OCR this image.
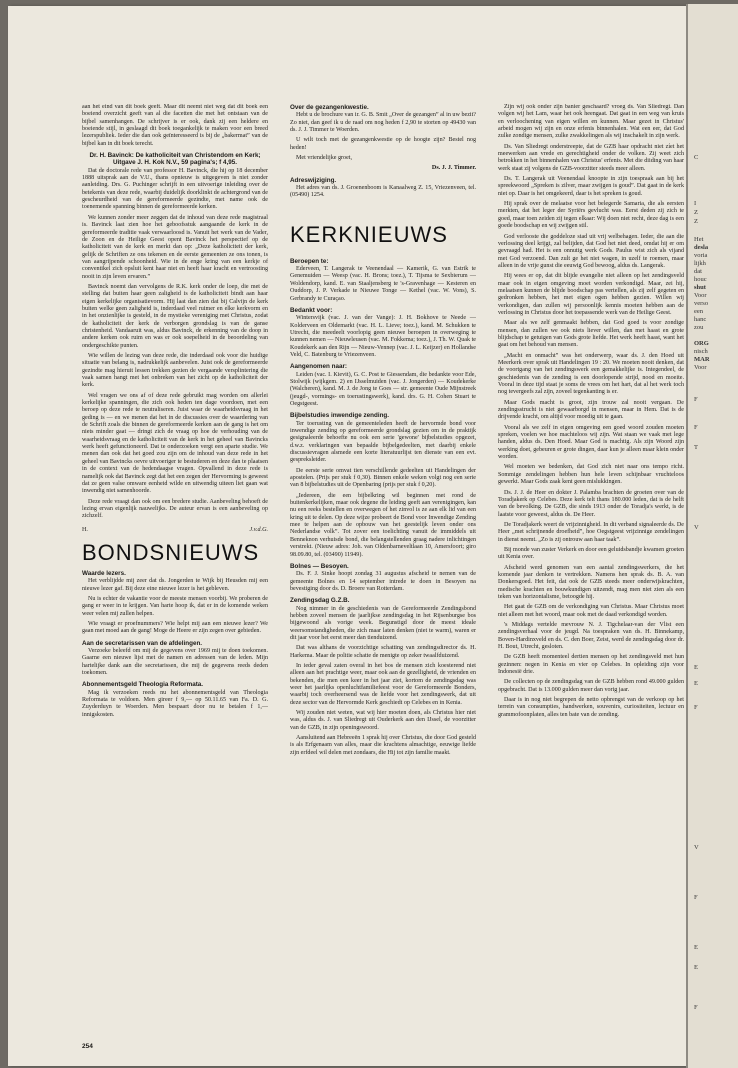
aan het eind van dit boek geeft. Maar dit neemt niet weg dat dit boek een boeiend overzicht geeft van al die facetten die met het ontstaan van de bijbel samenhangen. De schrijver is er ook, dank zij een heldere en boeiende stijl, in geslaagd dit boek toegankelijk te maken voor een breed lezerspubliek. Ieder die dan ook geïnteresseerd is bij de „bakermat” van de bijbel kan in dit boek terecht.

Dr. H. Bavinck: De katholiciteit van Christendom en Kerk; Uitgave J. H. Kok N.V., 59 pagina's; f 4,95.

Dat de doctorale rede van professor H. Bavinck, die hij op 18 december 1888 uitsprak aan de V.U., thans opnieuw is uitgegeven is niet zonder aanleiding. Drs. G. Puchinger schrijft in een uitvoerige inleiding over de betekenis van deze rede, waarbij duidelijk doorklinkt de achtergrond van de gescheurdheid van de gereformeerde gezindte, met name ook de toenemende spanning binnen de gereformeerde kerken.

We kunnen zonder meer zeggen dat de inhoud van deze rede magistraal is. Bavinck laat zien hoe het geboofsstuk aangaande de kerk in de gereformeerde traditie vaak verwaarloosd is. Vanuit het werk van de Vader, de Zoon en de Heilige Geest opent Bavinck het perspectief op de katholiciteit van de kerk en merkt dan op: „Deze katholiciteit der kerk, gelijk de Schriften ze ons tekenen en de eerste gemeenten ze ons tonen, is van aangrijpende schoonheid. Wie in de enge kring van een kerkje of conventikel zich opsluit kent haar niet en heeft haar kracht en vertroosting nooit in zijn leven ervaren.”

Bavinck noemt dan vervolgens de R.K. kerk onder de loep, die met de stelling dat buiten haar geen zaligheid is de katholiciteit bindt aan haar eigen kerkelijke organisatievorm. Hij laat dan zien dat bij Calvijn de kerk buiten welke geen zaligheid is, inderdaad veel ruimer en elke kerkvorm en in het onzienlijke is gesteld, in de mystieke vereniging met Christus, zodat de katholiciteit der kerk de verborgen grondslag is van de ganse christenheid. Vandaaruit was, aldus Bavinck, de erkenning van de doop in andere kerken ook ruim en was er ook soepelheid in de beoordeling van ondergeschikte punten.

Wie willen de lezing van deze rede, die inderdaad ook voor die huidige situatie van belang is, nadrukkelijk aanbevelen. Juist ook de gereformeerde gezindte mag hieruit lessen trekken gezien de vergaande versplintering die vaak samen hangt met het onbreken van het zicht op de katholiciteit der kerk.

Wel vragen we ons af of deze rede gebruikt mag worden om allerlei kerkelijke spanningen, die zich ook heden ten dage voordoen, met een beroep op deze rede te neutraliseren. Juist waar de waarheidsvraag in het geding is — en we menen dat het in de discussies over de waardering van de Schrift zoals die binnen de gereformeerde kerken aan de gang is het om niets minder gaat — dringt zich de vraag op hoe de verhouding van de waarheidsvraag en de katholiciteit van de kerk in het geheel van Bavincks werk heeft gefunctioneerd. Dat te onderzoeken vergt een aparte studie. We menen dan ook dat het goed zou zijn om de inhoud van deze rede in het geheel van Bavincks oevre uitvoeriger te bestuderen en deze dan te plaatsen in de context van de hedendaagse vragen. Opvallend in deze rede is namelijk ook dat Bavinck zegt dat het een zegen der Hervorming is geweest dat ze geen valse omware eenheid wilde en uitwendig uiteen liet gaan wat inwendig niet samenhoorde.

Deze rede vraagt dan ook om een bredere studie. Aanbeveling behoeft de lezing ervan eigenlijk nauwelijks. De auteur ervan is een aanbeveling op zichzelf.

H.	J.v.d.G.
BONDSNIEUWS
Waarde lezers.

Het verblijdde mij zeer dat ds. Jongerden te Wijk bij Heusden mij een nieuwe lezer gaf. Bij deze eine nieuwe lezer is het gebleven.

Nu is echter de vakantie voor de meeste mensen voorbij. We proberen de gang er weer in te krijgen. Van harte hoop ik, dat er in de komende weken weer velen mij zullen helpen.

Wie vraagt er proefnummers? Wie helpt mij aan een nieuwe lezer? We gaan met moed aan de gang! Moge de Heere er zijn zegen over gebieden.

Aan de secretarissen van de afdelingen.

Verzoeke beleefd om mij de gegevens over 1969 mij te doen toekomen. Gaarne een nieuwe lijst met de namen en adressen van de leden. Mijn hartelijke dank aan die secretarissen, die mij de gegevens reeds deden toekomen.

Abonnementsgeld Theologia Reformata.

Mag ik verzoeken reeds nu het abonnementsgeld van Theologia Reformata te voldoen. Men gireer f 9,— op 50.11.65 van Fa. D. G. Zuyderduyn te Woerden. Men bespaart door nu te betalen f 1,— innigskosten.

254
Over de gezangenkwestie.

Hebt u de brochure van ir. G. B. Smit „Over de gezangen” al in uw bezit? Zo niet, dan geef ik u de raad om nog heden f 2,90 te storten op 49430 van ds. J. J. Timmer te Woerden.

U wilt toch met de gezangenkwestie op de hoogte zijn? Bestel nog heden!

Met vriendelijke groet,

Ds. J. J. Timmer.

Adreswijziging.

Het adres van ds. J. Groenenboom is Kanaalweg Z. 15, Vriezenveen, tel. (05490) 1254.

KERKNIEUWS
Beroepen te:

Ederveen, T. Langerak te Veenendaal — Kamerik, G. van Estrik te Genemuiden — Weesp (vac. H. Brons; toez.), T. Tijsma te Sexbierum — Woldendorp, kand. E. van Staaljensberg te 's-Gravenhage — Kesteren en Ouddorp, J. P. Verkade te Nieuwe Tonge — Kethel (vac. W. Vons), S. Gerbrandy te Curaçao.

Bedankt voor:

Wintersvijk (vac. J. van der Vange): J. H. Bokhove te Neede — Kolderveen en Oldemarkt (vac. H. L. Lieve; toez.), kand. M. Schukken te Utrecht, die meedeelt voorlopig geen nieuwe beroepen in overweging te kunnen nemen — Nieuwleusen (vac. M. Fokkema; toez.), J. Th. W. Quak te Koudekerk aan den Rijn — Nieuw-Vennep (vac. J. L. Keijzer) en Hollandse Veld, C. Batenburg te Vriezenveen.

Aangenomen naar:

Leiden (vac. I. Kievit), G. C. Post te Giessendam, die bedankte voor Ede, Stolwijk (wijkgem. 2) en IJsselmuiden (vac. J. Jongerden) — Koudekerke (Walcheren), kand. M. J. de Jong te Goes — str. gemeente Oude Mijnstreek (jeugd-, vormings- en toerustingswerk), kand. drs. G. H. Cohen Stuart te Oegstgeest.

Bijbelstudies inwendige zending.

Ter toerusting van de gemeenteleden heeft de hervormde bond voor inwendige zending op gereformeerde grondslag gezien om in de praktijk gesignaleerde behoefte nu ook een serie 'gewone' bijbelstudies opgezet, d.w.z. verklaringen van bepaalde bijbelgedeelten, met daarbij enkele discussievragen alsmede een korte literatuurlijst ten dienste van een evt. gespreksleider.

De eerste serie omvat tien verschillende gedeelten uit Handelingen der apostelen. (Prijs per stuk f 0,30). Binnen enkele weken volgt nog een serie van 8 bijbelstudies uit de Openbaring (prijs per stuk f 0,20).

„Iedereen, die een bijbelkring wil beginnen met rond de buitenkerkelijken, maar ook degene die leiding geeft aan verenigingen, kan nu een reeks bestellen en overwegen of het zinvol is ze aan elk lid van een kring uit te delen. Op deze wijze probeert de Bond voor Inwendige Zending mee te helpen aan de opbouw van het geestelijk leven onder ons Nederlandse volk”. Tot zover een toelichting vanuit de immiddels uit Benneknon verhuisde bond, die belangstellenden graag nadere inlichtingen verstrekt. (Nieuw adres: Joh. van Oldenbarneveltlaan 10, Amersfoort; giro 98.09.80, tel. (03490) 11949).

Bolnes — Besoyen.

Ds. F. J. Sinke hoopt zondag 31 augustus afscheid te nemen van de gemeente Bolnes en 14 september intrede te doen in Besoyen na bevestiging door ds. D. Broere van Rotterdam.

Zendingsdag G.Z.B.

Nog nimmer in de geschiedenis van de Gereformeerde Zendingsbond hebben zoveel mensen de jaarlijkse zendingsdag in het Rijsenburgse bos bijgewoond als vorige week. Begunstigd door de meest ideale weersomstandigheden, die zich maar laten denken (niet te warm), waren er dit jaar voor het eerst meer dan tienduizend.

Dat was althans de voorzichtige schatting van zendingsdirector ds. H. Harkema. Maar de politie schatte de menigte op zeker twaalfduizend.

In ieder geval zaten overal in het bos de mensen zich koesterend niet alleen aan het prachtige weer, maar ook aan de gezelligheid, de vrienden en bekenden, die men een keer in het jaar ziet, kortom de zendingsdag was weer het jaarlijks openluchtfamiliefeest voor de Gereformeerde Bonders, waarbij toch overheersend was de liefde voor het zendingswerk, dat uit deze sector van de Hervormde Kerk geschiedt op Celebes en in Kenia.

Wij zouden niet weten, wat wij hier moeten doen, als Christus hier niet was, aldus ds. J. van Sliedregt uit Ouderkerk aan den IJssel, de voorzitter van de GZB, in zijn openingswoord.

Aansluitend aan Hebreeën 1 sprak hij over Christus, die door God gesteld is als Erfgenaam van alles, maar die krachtens almachtige, eeuwige liefde zijn erfdeel wil delen met zondaars, die Hij tot zijn familie maakt.

Zijn wij ook onder zijn banier geschaard? vroeg ds. Van Sliedregt. Dan volgen wij het Lam, waar het ook heengaat. Dat gaat in een weg van kruis en verloochening van eigen willen en kunnen. Maar gezet in Christus' arbeid mogen wij zijn en onze erfenis binnenhalen. Wat een eer, dat God zulke zondige mensen, zulke zwakkelingen als wij inschakelt in zijn werk.

Ds. Van Sliedregt onderstreepte, dat de GZB haar opdracht niet zíet het meewerken aan vrede en gerechtigheid onder de volken. Zij weet zich betrokken in het binnenhalen van Christus' erfenis. Met die diiding van haar werk staat zij volgens de GZB-voorzitter steeds meer alleen.

Ds. T. Langerak uit Veenendaal knoopte in zijn toespraak aan bij het spreekwoord „Spreken is zilver, maar zwijgen is goud”. Dat gaat in de kerk niet op. Daar is het omgekeerd, daar is het spreken is goud.

Hij sprak over de melaatse voor het belegerde Samaria, die als eersten merkten, dat het leger der Syriërs gevlucht was. Eerst deden zij zich te goed, maar toen zeiden zij tegen elkaar: Wij doen niet recht, deze dag is een goede boodschap en wij zwijgen stil.

God verlooste die goddeloze stad uit vrij welbehagen. Ieder, die aan die verlossing deel krijgt, zal belijden, dat God het niet deed, omdat hij er om gevraagd had. Het is een onnutig werk Gods. Paulus wist zich als vijand met God verzoend. Dan zult ge het niet wagen, in uzelf te roemen, maar alleen in de vrije gunst die eeuwig God bewoog, aldus ds. Langerak.

Hij wees er op, dat dit blijde evangelie niet alleen op het zendingsveld maar ook in eigen omgeving moet worden verkondigd. Maar, zei hij, melaatsen kunnen de blijde boodschap pas vertellen, als zij zelf gegeten en gedronken hebben, het met eigen ogen hebben gezien. Willen wij verkondigen, dan zullen wij persoonlijk kennis moeten hebben aan de verlossing in Christus door het toepassende werk van de Heilige Geest.

Maar als we zelf genmaakt hebben, dat God goed is voor zondige mensen, dan zullen we ook niets liever willen, dan met haast en grote blijdschap te getuigen van Gods grote liefde. Het werk heeft haast, want het gaat om het behoud van mensen.

„Macht en onmacht” was het onderwerp, waar ds. J. den Hoed uit Meerkerk over sprak uit Handelingen 19 : 20. We moeten nooit denken, dat de voortgang van het zendingswerk een gemakkelijke is. Integendeel, de geschiedenis van de zending is een doorlopende strijd, nood en moeite. Vooral in deze tijd staat je soms de vrees om het hart, dat al het werk toch nog tevergeefs zal zijn, zoveel tegenkanting is er.

Maar Gods macht is groot, zijn trouw zal nooit vergaan. De zendingsstrucht is niet gewaarborgd in mensen, maar in Hem. Dat is de drijvende kracht, om altijd voor moedig uit te gaan.

Vooral als we zelf in eigen omgeving een goed woord zouden moeten spreken, voelen we hoe machteloos wij zijn. Wat staan we vaak met lege handen, aldus ds. Den Hoed. Maar God is machtig. Als zijn Woord zijn werking doet, gebeuren er grote dingen, daar kun je alleen maar klein onder worden.

Wel moeten we bedenken, dat God zich niet naar ons tempo richt. Sommige zendelingen hebben hun hele leven schijnbaar vruchteloos gewerkt. Maar Gods zaak kent geen mislukkingen.

Ds. J. J. de Heer en dokter J. Palamba brachten de groeten over van de Toradjakerk op Celebes. Deze kerk telt thans 180.000 leden, dat is de helft van de bevolking. De GZB, die sinds 1913 onder de Toradja's werkt, is de laatste voor geweest, aldus ds. De Heer.

De Toradjakerk weert de vrijzinnigheid. In dit verband signaleerde ds. De Heer „met schrijnende droefheid”, hoe Oegstgeest vrijzinnige zendelingen in dienst neemt. „Zo is zij ontrouw aan haar taak”.

Bij monde van zuster Verkerk en door een geluidsbandje kwamen groeten uit Kenia over.

Afscheid werd genomen van een aantal zendingswerkers, die het komende jaar denken te vertrekken. Namens hen sprak ds. B. A. van Donkersgoed. Het feit, dat ook de GZB steeds meer onderwijskrachten, medische krachten en bouwkundigen uitzendt, mag men niet zien als een teken van horizontalisme, betoogde hij.

Het gaat de GZB om de verkondiging van Christus. Maar Christus moet niet alleen met het woord, maar ook met de daad verkondigd worden.

's Middags vertelde mevrouw N. J. Tigchelaar-van der Vlist een zendingsverhaal voor de jeugd. Na toespraken van ds. H. Binnekamp, Boven-Hardinxveld en ds. C. den Boer, Zeist, werd de zendingsdag door dr. H. Bout, Utrecht, gesloten.

De GZB heeft momenteel dertien mensen op het zendingsveld met hun gezinnen: negen in Kenia en vier op Celebes. In opleiding zijn voor Indonesië drie.

De collecten op de zendingsdag van de GZB hebben rond 49.000 gulden opgebracht. Dat is 13.000 gulden meer dan vorig jaar.

Daar is in nog niet begrepen de netto opbrengst van de verkoop op het terrein van consumpties, handwerken, souvenirs, curiositeiten, lectuur en grammofoonplaten, alles ten bate van de zending.

C
I
Z
Z
Het
desla
voria
lijkh
dat
houc
shut
Voor
verso
een
hanc
zou
ORG
nisch
MAR
Voor
F
F
T
V
E
E
F
V
F
E
E
F
